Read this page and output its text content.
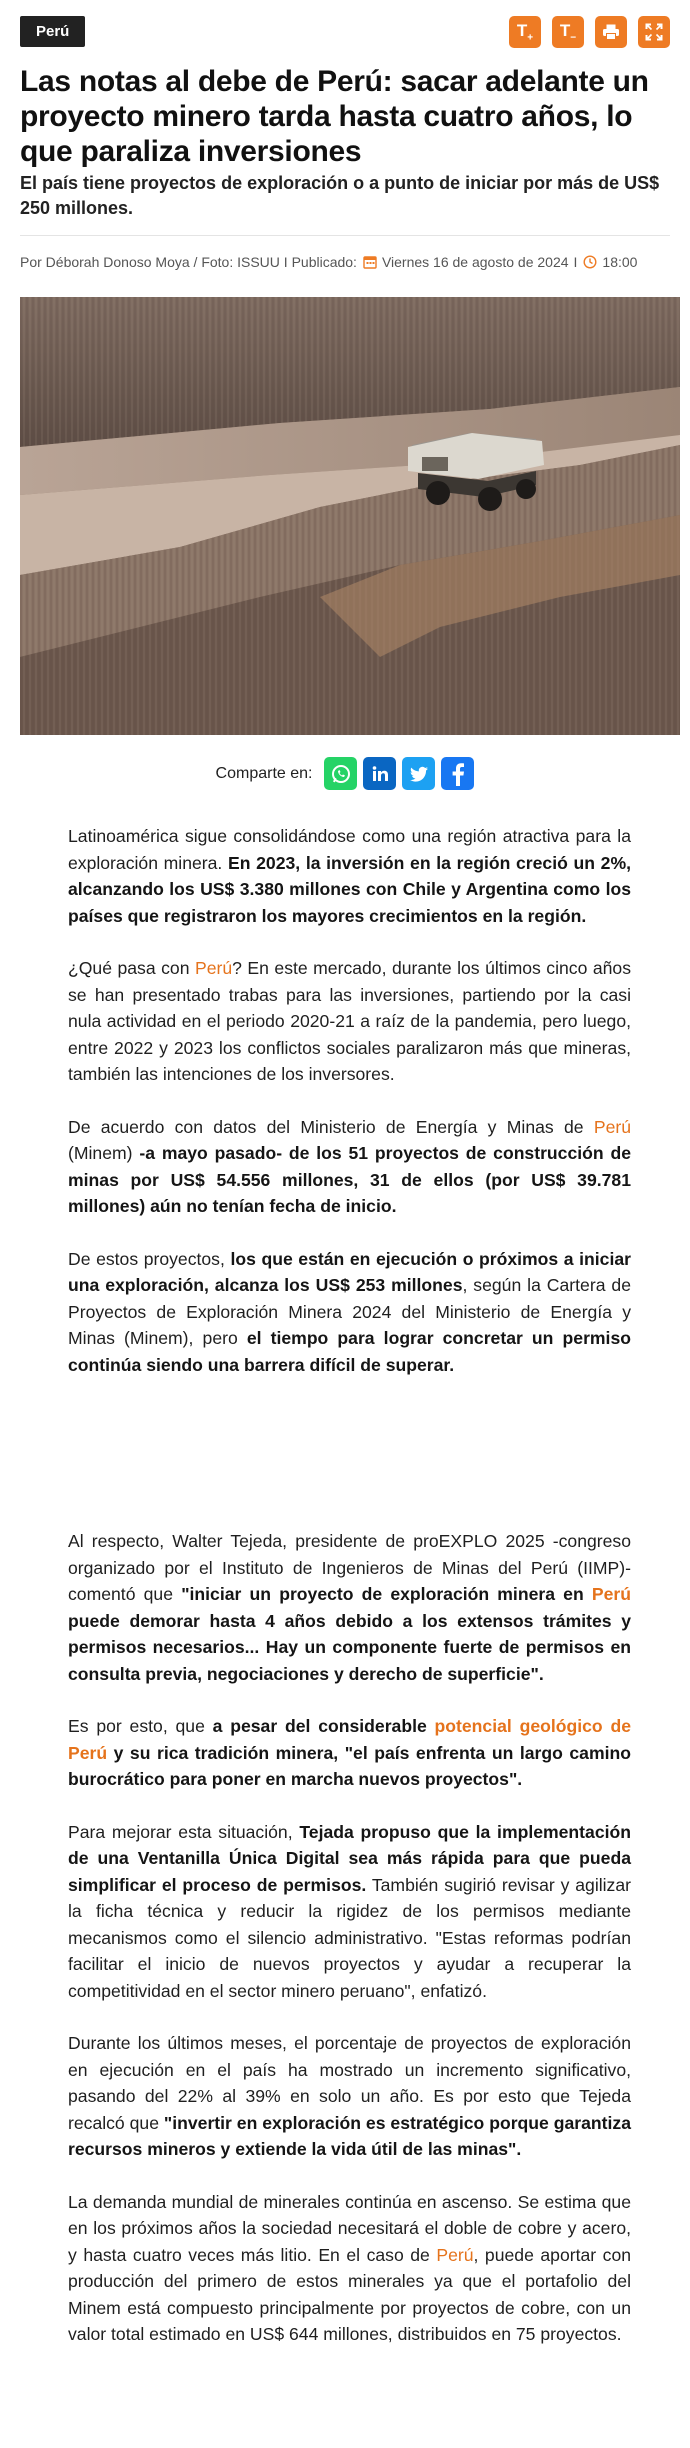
Perú	$T_+$ $T_-$
Las notas al debe de Perú: sacar adelante un proyecto minero tarda hasta cuatro años, lo que paraliza inversiones
El país tiene proyectos de exploración o a punto de iniciar por más de US$ 250 millones.
Por Déborah Donoso Moya / Foto: ISSUU I Publicado: Viernes 16 de agosto de 2024 I 18:00
Comparte en:

Latinoamérica sigue consolidándose como una región atractiva para la exploración minera. En 2023, la inversión en la región creció un 2%, alcanzando los US$ 3.380 millones con Chile y Argentina como los países que registraron los mayores crecimientos en la región.

¿Qué pasa con Perú? En este mercado, durante los últimos cinco años se han presentado trabas para las inversiones, partiendo por la casi nula actividad en el periodo 2020-21 a raíz de la pandemia, pero luego, entre 2022 y 2023 los conflictos sociales paralizaron más que mineras, también las intenciones de los inversores.

De acuerdo con datos del Ministerio de Energía y Minas de Perú (Minem) -a mayo pasado- de los 51 proyectos de construcción de minas por US$ 54.556 millones, 31 de ellos (por US$ 39.781 millones) aún no tenían fecha de inicio.

De estos proyectos, los que están en ejecución o próximos a iniciar una exploración, alcanza los US$ 253 millones, según la Cartera de Proyectos de Exploración Minera 2024 del Ministerio de Energía y Minas (Minem), pero el tiempo para lograr concretar un permiso continúa siendo una barrera difícil de superar.

Al respecto, Walter Tejeda, presidente de proEXPLO 2025 -congreso organizado por el Instituto de Ingenieros de Minas del Perú (IIMP)- comentó que "iniciar un proyecto de exploración minera en Perú puede demorar hasta 4 años debido a los extensos trámites y permisos necesarios... Hay un componente fuerte de permisos en consulta previa, negociaciones y derecho de superficie".

Es por esto, que a pesar del considerable potencial geológico de Perú y su rica tradición minera, "el país enfrenta un largo camino burocrático para poner en marcha nuevos proyectos".

Para mejorar esta situación, Tejada propuso que la implementación de una Ventanilla Única Digital sea más rápida para que pueda simplificar el proceso de permisos. También sugirió revisar y agilizar la ficha técnica y reducir la rigidez de los permisos mediante mecanismos como el silencio administrativo. "Estas reformas podrían facilitar el inicio de nuevos proyectos y ayudar a recuperar la competitividad en el sector minero peruano", enfatizó.

Durante los últimos meses, el porcentaje de proyectos de exploración en ejecución en el país ha mostrado un incremento significativo, pasando del 22% al 39% en solo un año. Es por esto que Tejeda recalcó que "invertir en exploración es estratégico porque garantiza recursos mineros y extiende la vida útil de las minas".

La demanda mundial de minerales continúa en ascenso. Se estima que en los próximos años la sociedad necesitará el doble de cobre y acero, y hasta cuatro veces más litio. En el caso de Perú, puede aportar con producción del primero de estos minerales ya que el portafolio del Minem está compuesto principalmente por proyectos de cobre, con un valor total estimado en US$ 644 millones, distribuidos en 75 proyectos.
